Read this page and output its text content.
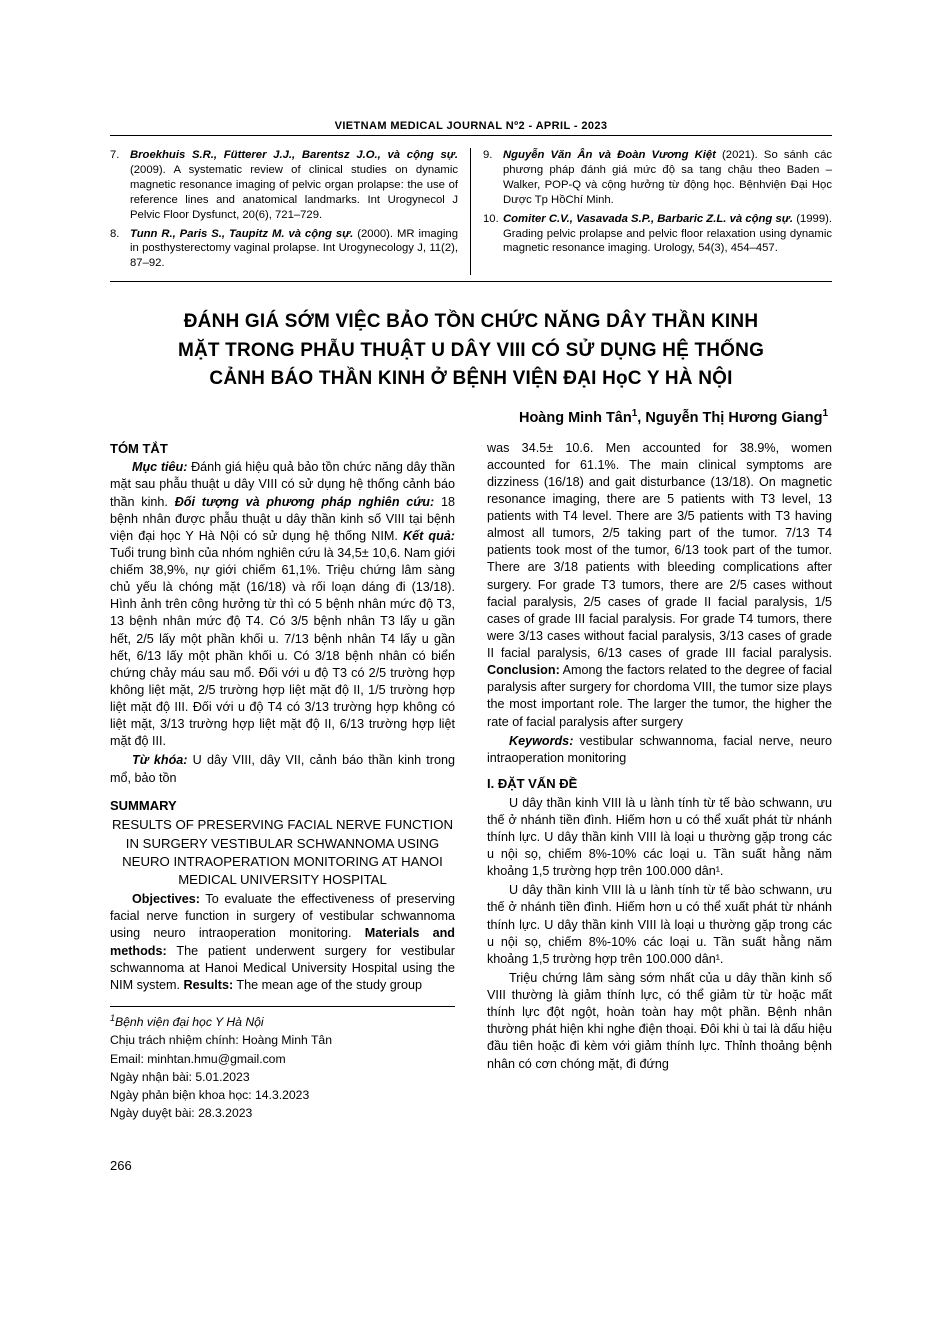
VIETNAM MEDICAL JOURNAL Nº2 - APRIL - 2023
7. Broekhuis S.R., Fütterer J.J., Barentsz J.O., và cộng sự. (2009). A systematic review of clinical studies on dynamic magnetic resonance imaging of pelvic organ prolapse: the use of reference lines and anatomical landmarks. Int Urogynecol J Pelvic Floor Dysfunct, 20(6), 721–729.
8. Tunn R., Paris S., Taupitz M. và cộng sự. (2000). MR imaging in posthysterectomy vaginal prolapse. Int Urogynecology J, 11(2), 87–92.
9. Nguyễn Văn Ân và Đoàn Vương Kiệt (2021). So sánh các phương pháp đánh giá mức độ sa tang chậu theo Baden –Walker, POP-Q và cộng hưởng từ động học. Bệnhviện Đại Học Dược Tp HồChí Minh.
10. Comiter C.V., Vasavada S.P., Barbaric Z.L. và cộng sự. (1999). Grading pelvic prolapse and pelvic floor relaxation using dynamic magnetic resonance imaging. Urology, 54(3), 454–457.
ĐÁNH GIÁ SỚM VIỆC BẢO TỒN CHỨC NĂNG DÂY THẦN KINH
MẶT TRONG PHẪU THUẬT U DÂY VIII CÓ SỬ DỤNG HỆ THỐNG
CẢNH BÁO THẦN KINH Ở BỆNH VIỆN ĐẠI HọC Y HÀ NỘI
Hoàng Minh Tân$^1$, Nguyễn Thị Hương Giang$^1$
TÓM TẮT

Mục tiêu: Đánh giá hiệu quả bảo tồn chức năng dây thần mặt sau phẫu thuật u dây VIII có sử dụng hệ thống cảnh báo thần kinh. Đối tượng và phương pháp nghiên cứu: 18 bệnh nhân được phẫu thuật u dây thần kinh số VIII tại bệnh viện đại học Y Hà Nội có sử dụng hệ thống NIM. Kết quả: Tuổi trung bình của nhóm nghiên cứu là 34,5± 10,6. Nam giới chiếm 38,9%, nự giới chiếm 61,1%. Triệu chứng lâm sàng chủ yếu là chóng mặt (16/18) và rối loạn dáng đi (13/18). Hình ảnh trên công hưởng từ thì có 5 bệnh nhân mức độ T3, 13 bệnh nhân mức độ T4. Có 3/5 bệnh nhân T3 lấy u gần hết, 2/5 lấy một phần khối u. 7/13 bệnh nhân T4 lấy u gần hết, 6/13 lấy một phần khối u. Có 3/18 bệnh nhân có biển chứng chảy máu sau mổ. Đối với u độ T3 có 2/5 trường hợp không liệt mặt, 2/5 trường hợp liệt mặt độ II, 1/5 trường hợp liệt mặt độ III. Đối với u độ T4 có 3/13 trường hợp không có liệt mặt, 3/13 trường hợp liệt mặt độ II, 6/13 trường hợp liệt mặt độ III.

Từ khóa: U dây VIII, dây VII, cảnh báo thần kinh trong mổ, bảo tồn

SUMMARY
RESULTS OF PRESERVING FACIAL NERVE FUNCTION IN SURGERY VESTIBULAR SCHWANNOMA USING NEURO INTRAOPERATION MONITORING AT HANOI MEDICAL UNIVERSITY HOSPITAL

Objectives: To evaluate the effectiveness of preserving facial nerve function in surgery of vestibular schwannoma using neuro intraoperation monitoring. Materials and methods: The patient underwent surgery for vestibular schwannoma at Hanoi Medical University Hospital using the NIM system. Results: The mean age of the study group

$^1$Bệnh viện đại học Y Hà Nội
Chịu trách nhiệm chính: Hoàng Minh Tân
Email: minhtan.hmu@gmail.com
Ngày nhận bài: 5.01.2023
Ngày phản biện khoa học: 14.3.2023
Ngày duyệt bài: 28.3.2023

was 34.5± 10.6. Men accounted for 38.9%, women accounted for 61.1%. The main clinical symptoms are dizziness (16/18) and gait disturbance (13/18). On magnetic resonance imaging, there are 5 patients with T3 level, 13 patients with T4 level. There are 3/5 patients with T3 having almost all tumors, 2/5 taking part of the tumor. 7/13 T4 patients took most of the tumor, 6/13 took part of the tumor. There are 3/18 patients with bleeding complications after surgery. For grade T3 tumors, there are 2/5 cases without facial paralysis, 2/5 cases of grade II facial paralysis, 1/5 cases of grade III facial paralysis. For grade T4 tumors, there were 3/13 cases without facial paralysis, 3/13 cases of grade II facial paralysis, 6/13 cases of grade III facial paralysis. Conclusion: Among the factors related to the degree of facial paralysis after surgery for chordoma VIII, the tumor size plays the most important role. The larger the tumor, the higher the rate of facial paralysis after surgery

Keywords: vestibular schwannoma, facial nerve, neuro intraoperation monitoring

I. ĐẶT VẤN ĐỀ

U dây thần kinh VIII là u lành tính từ tế bào schwann, ưu thế ở nhánh tiền đình. Hiếm hơn u có thể xuất phát từ nhánh thính lực. U dây thần kinh VIII là loại u thường gặp trong các u nội sọ, chiếm 8%-10% các loại u. Tần suất hằng năm khoảng 1,5 trường hợp trên 100.000 dân¹.

U dây thần kinh VIII là u lành tính từ tế bào schwann, ưu thế ở nhánh tiền đình. Hiếm hơn u có thể xuất phát từ nhánh thính lực. U dây thần kinh VIII là loại u thường gặp trong các u nội sọ, chiếm 8%-10% các loại u. Tần suất hằng năm khoảng 1,5 trường hợp trên 100.000 dân¹.

Triệu chứng lâm sàng sớm nhất của u dây thần kinh số VIII thường là giảm thính lực, có thể giảm từ từ hoặc mất thính lực đột ngột, hoàn toàn hay một phần. Bệnh nhân thường phát hiện khi nghe điện thoại. Đôi khi ù tai là dấu hiệu đầu tiên hoặc đi kèm với giảm thính lực. Thỉnh thoảng bệnh nhân có cơn chóng mặt, đi đứng

266
